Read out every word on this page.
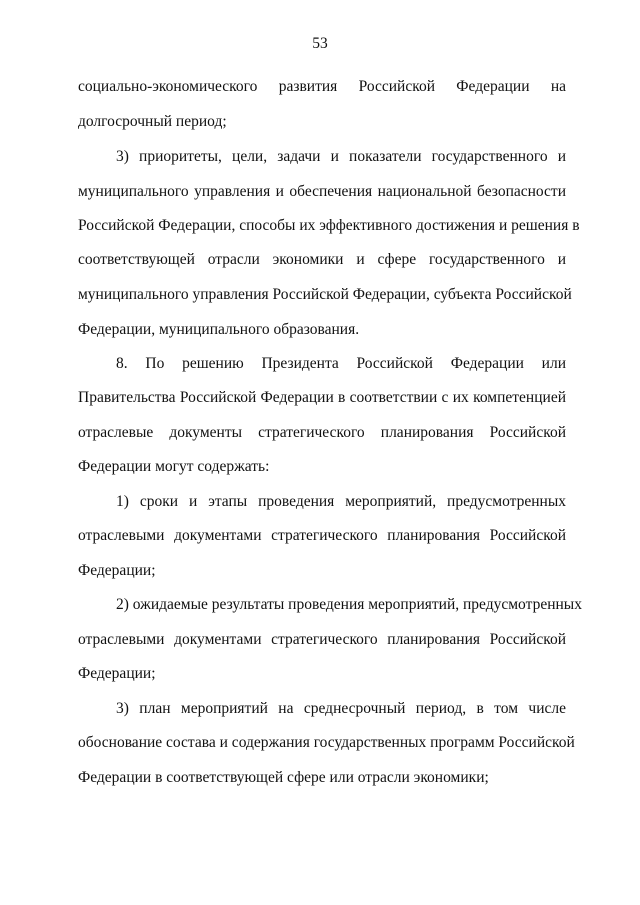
53
социально-экономического развития Российской Федерации на
долгосрочный период;
3) приоритеты, цели, задачи и показатели государственного и
муниципального управления и обеспечения национальной безопасности
Российской Федерации, способы их эффективного достижения и решения в
соответствующей отрасли экономики и сфере государственного и
муниципального управления Российской Федерации, субъекта Российской
Федерации, муниципального образования.
8. По решению Президента Российской Федерации или
Правительства Российской Федерации в соответствии с их компетенцией
отраслевые документы стратегического планирования Российской
Федерации могут содержать:
1) сроки и этапы проведения мероприятий, предусмотренных
отраслевыми документами стратегического планирования Российской
Федерации;
2) ожидаемые результаты проведения мероприятий, предусмотренных
отраслевыми документами стратегического планирования Российской
Федерации;
3) план мероприятий на среднесрочный период, в том числе
обоснование состава и содержания государственных программ Российской
Федерации в соответствующей сфере или отрасли экономики;
